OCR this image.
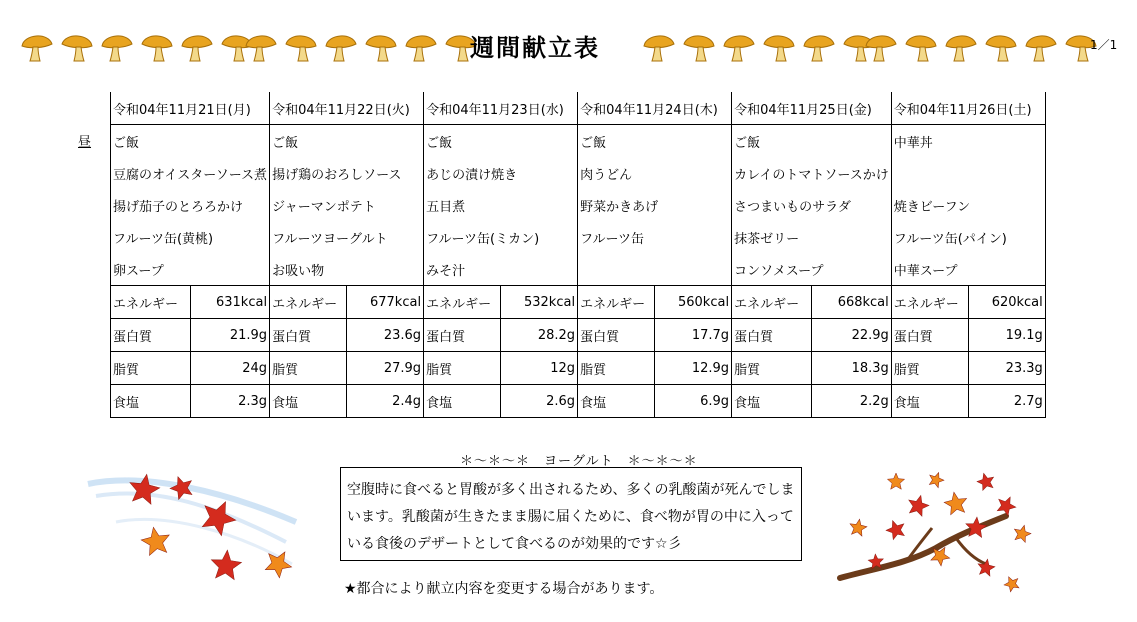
週間献立表	1／1
昼
令和04年11月21日(月)		令和04年11月22日(火)		令和04年11月23日(水)		令和04年11月24日(木)		令和04年11月25日(金)		令和04年11月26日(土)	
ご飯		ご飯		ご飯		ご飯		ご飯		中華丼	
豆腐のオイスターソース煮		揚げ鶏のおろしソース		あじの漬け焼き		肉うどん		カレイのトマトソースかけ			
揚げ茄子のとろろかけ		ジャーマンポテト		五目煮		野菜かきあげ		さつまいものサラダ		焼きビーフン	
フルーツ缶(黄桃)		フルーツヨーグルト		フルーツ缶(ミカン)		フルーツ缶		抹茶ゼリー		フルーツ缶(パイン)	
卵スープ		お吸い物		みそ汁				コンソメスープ		中華スープ	
エネルギー	631kcal	エネルギー	677kcal	エネルギー	532kcal	エネルギー	560kcal	エネルギー	668kcal	エネルギー	620kcal
蛋白質	21.9g	蛋白質	23.6g	蛋白質	28.2g	蛋白質	17.7g	蛋白質	22.9g	蛋白質	19.1g
脂質	24g	脂質	27.9g	脂質	12g	脂質	12.9g	脂質	18.3g	脂質	23.3g
食塩	2.3g	食塩	2.4g	食塩	2.6g	食塩	6.9g	食塩	2.2g	食塩	2.7g
＊～＊～＊　ヨーグルト　＊～＊～＊
空腹時に食べると胃酸が多く出されるため、多くの乳酸菌が死んでしま
います。乳酸菌が生きたまま腸に届くために、食べ物が胃の中に入って
いる食後のデザートとして食べるのが効果的です☆彡
★都合により献立内容を変更する場合があります。
